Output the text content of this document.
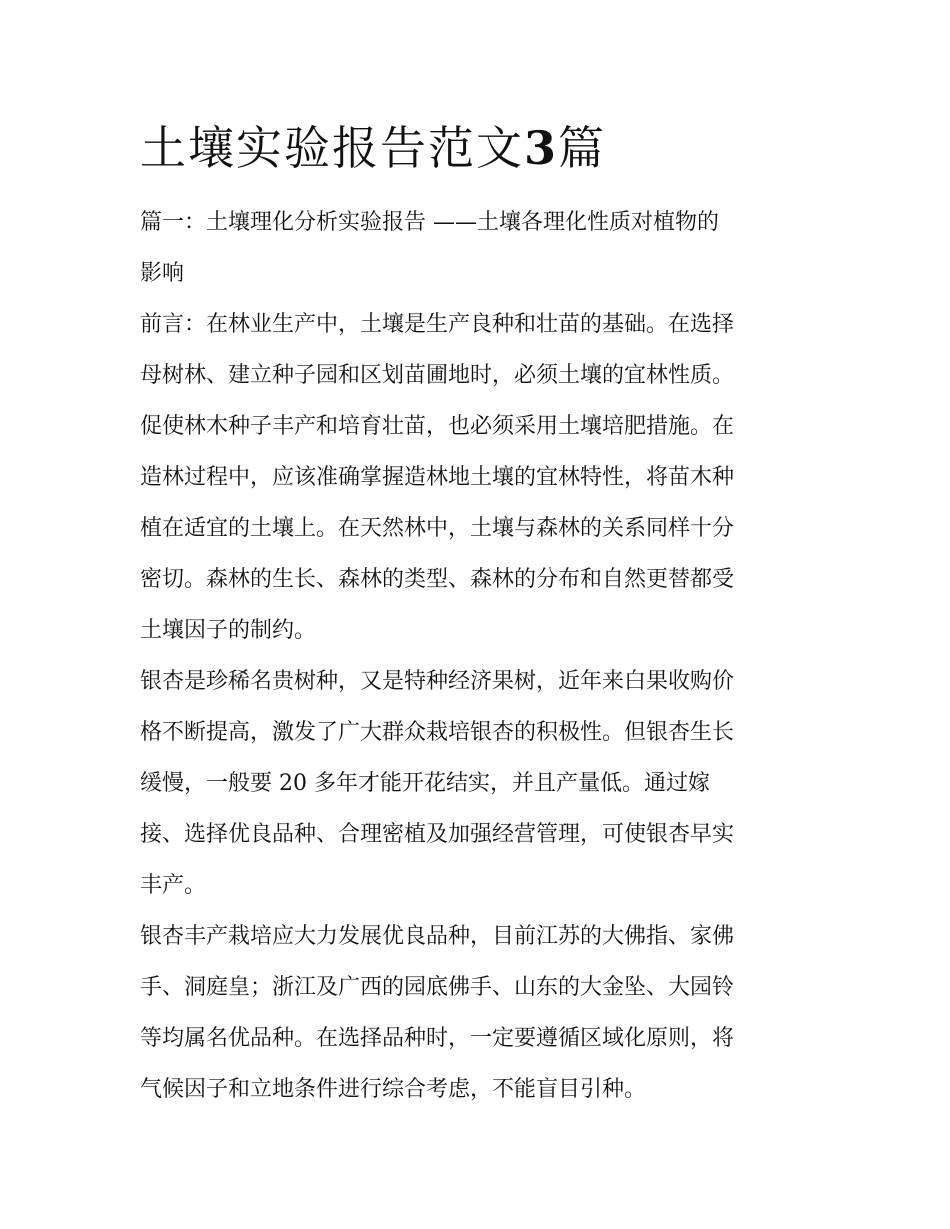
土壤实验报告范文3篇
篇一：土壤理化分析实验报告 ——土壤各理化性质对植物的
影响
前言：在林业生产中，土壤是生产良种和壮苗的基础。在选择
母树林、建立种子园和区划苗圃地时，必须土壤的宜林性质。
促使林木种子丰产和培育壮苗，也必须采用土壤培肥措施。在
造林过程中，应该准确掌握造林地土壤的宜林特性，将苗木种
植在适宜的土壤上。在天然林中，土壤与森林的关系同样十分
密切。森林的生长、森林的类型、森林的分布和自然更替都受
土壤因子的制约。
银杏是珍稀名贵树种，又是特种经济果树，近年来白果收购价
格不断提高，激发了广大群众栽培银杏的积极性。但银杏生长
缓慢，一般要 20 多年才能开花结实，并且产量低。通过嫁
接、选择优良品种、合理密植及加强经营管理，可使银杏早实
丰产。
银杏丰产栽培应大力发展优良品种，目前江苏的大佛指、家佛
手、洞庭皇；浙江及广西的园底佛手、山东的大金坠、大园铃
等均属名优品种。在选择品种时，一定要遵循区域化原则，将
气候因子和立地条件进行综合考虑，不能盲目引种。
